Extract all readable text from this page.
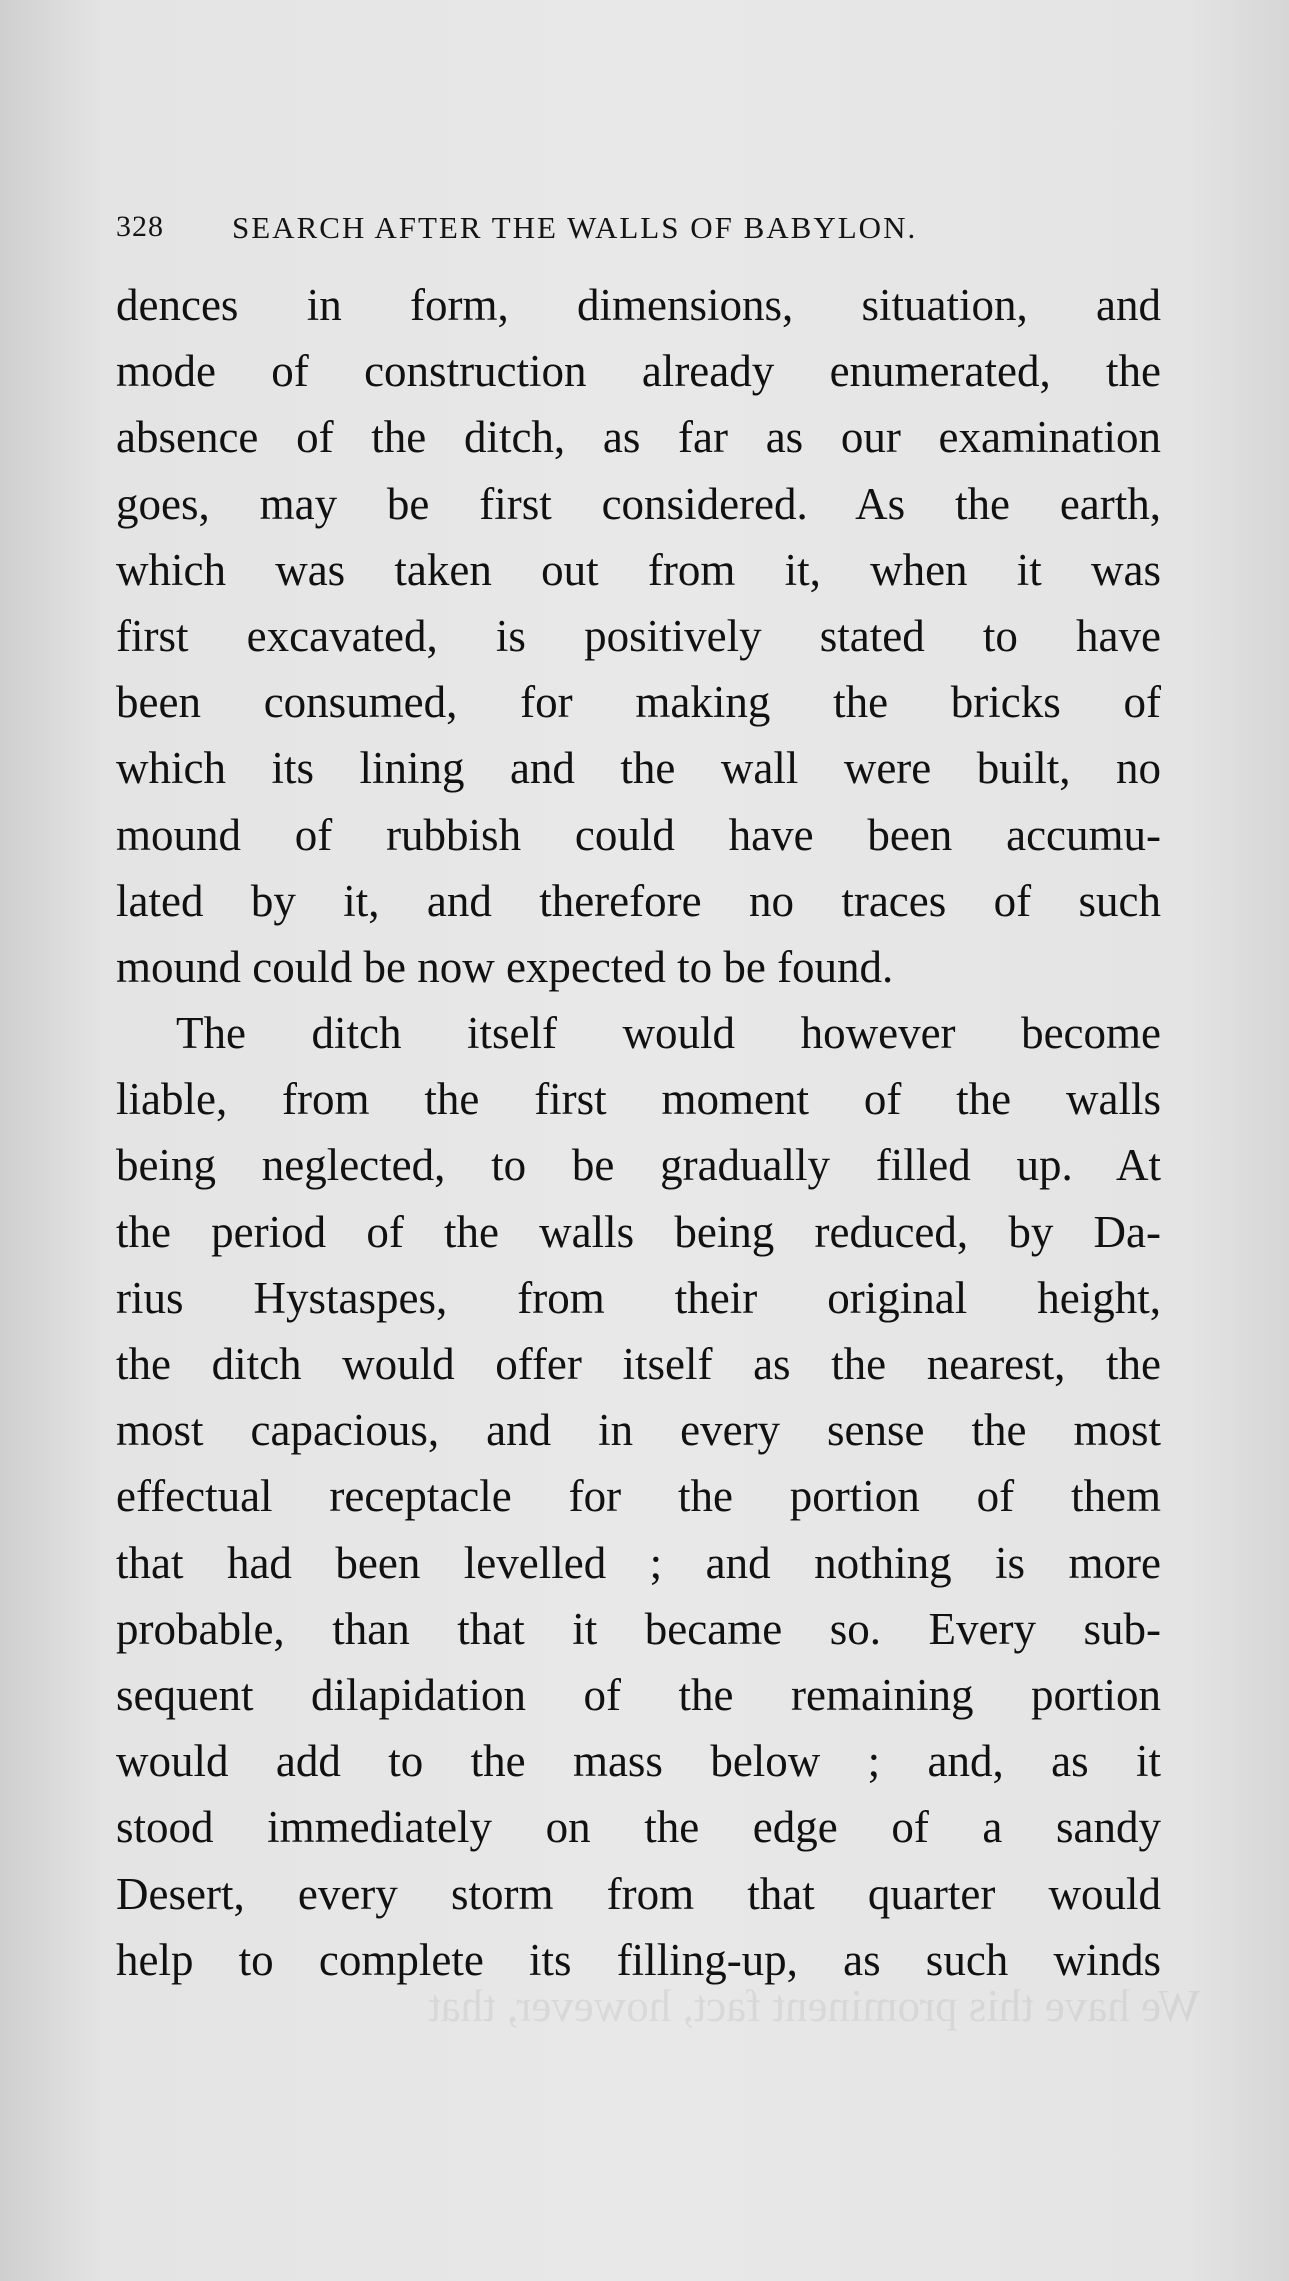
328 SEARCH AFTER THE WALLS OF BABYLON.
dences in form, dimensions, situation, and
mode of construction already enumerated, the
absence of the ditch, as far as our examination
goes, may be first considered. As the earth,
which was taken out from it, when it was
first excavated, is positively stated to have
been consumed, for making the bricks of
which its lining and the wall were built, no
mound of rubbish could have been accumu-
lated by it, and therefore no traces of such
mound could be now expected to be found.
The ditch itself would however become
liable, from the first moment of the walls
being neglected, to be gradually filled up. At
the period of the walls being reduced, by Da-
rius Hystaspes, from their original height,
the ditch would offer itself as the nearest, the
most capacious, and in every sense the most
effectual receptacle for the portion of them
that had been levelled ; and nothing is more
probable, than that it became so. Every sub-
sequent dilapidation of the remaining portion
would add to the mass below ; and, as it
stood immediately on the edge of a sandy
Desert, every storm from that quarter would
help to complete its filling-up, as such winds
We have this prominent fact, however, that
